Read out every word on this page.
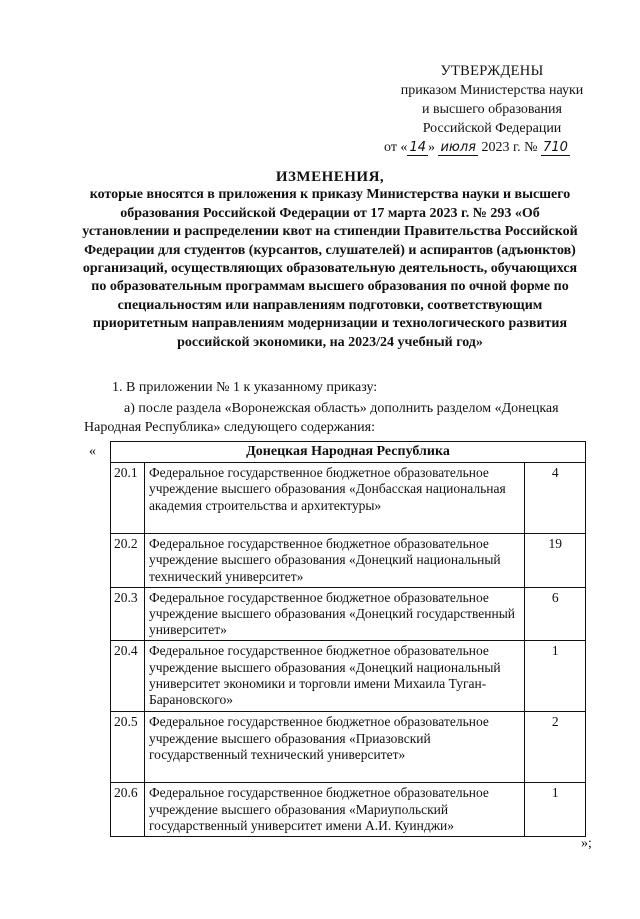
УТВЕРЖДЕНЫ
приказом Министерства науки
и высшего образования
Российской Федерации
от « 14 » июля 2023 г. № 710
ИЗМЕНЕНИЯ,
которые вносятся в приложения к приказу Министерства науки и высшего образования Российской Федерации от 17 марта 2023 г. № 293 «Об установлении и распределении квот на стипендии Правительства Российской Федерации для студентов (курсантов, слушателей) и аспирантов (адъюнктов) организаций, осуществляющих образовательную деятельность, обучающихся по образовательным программам высшего образования по очной форме по специальностям или направлениям подготовки, соответствующим приоритетным направлениям модернизации и технологического развития российской экономики, на 2023/24 учебный год»
1. В приложении № 1 к указанному приказу:
а) после раздела «Воронежская область» дополнить разделом «Донецкая Народная Республика» следующего содержания:
«	Донецкая Народная Республика		
20.1	Федеральное государственное бюджетное образовательное учреждение высшего образования «Донбасская национальная академия строительства и архитектуры»	4
20.2	Федеральное государственное бюджетное образовательное учреждение высшего образования «Донецкий национальный технический университет»	19
20.3	Федеральное государственное бюджетное образовательное учреждение высшего образования «Донецкий государственный университет»	6
20.4	Федеральное государственное бюджетное образовательное учреждение высшего образования «Донецкий национальный университет экономики и торговли имени Михаила Туган-Барановского»	1
20.5	Федеральное государственное бюджетное образовательное учреждение высшего образования «Приазовский государственный технический университет»	2
20.6	Федеральное государственное бюджетное образовательное учреждение высшего образования «Мариупольский государственный университет имени А.И. Куинджи»	1
»;
